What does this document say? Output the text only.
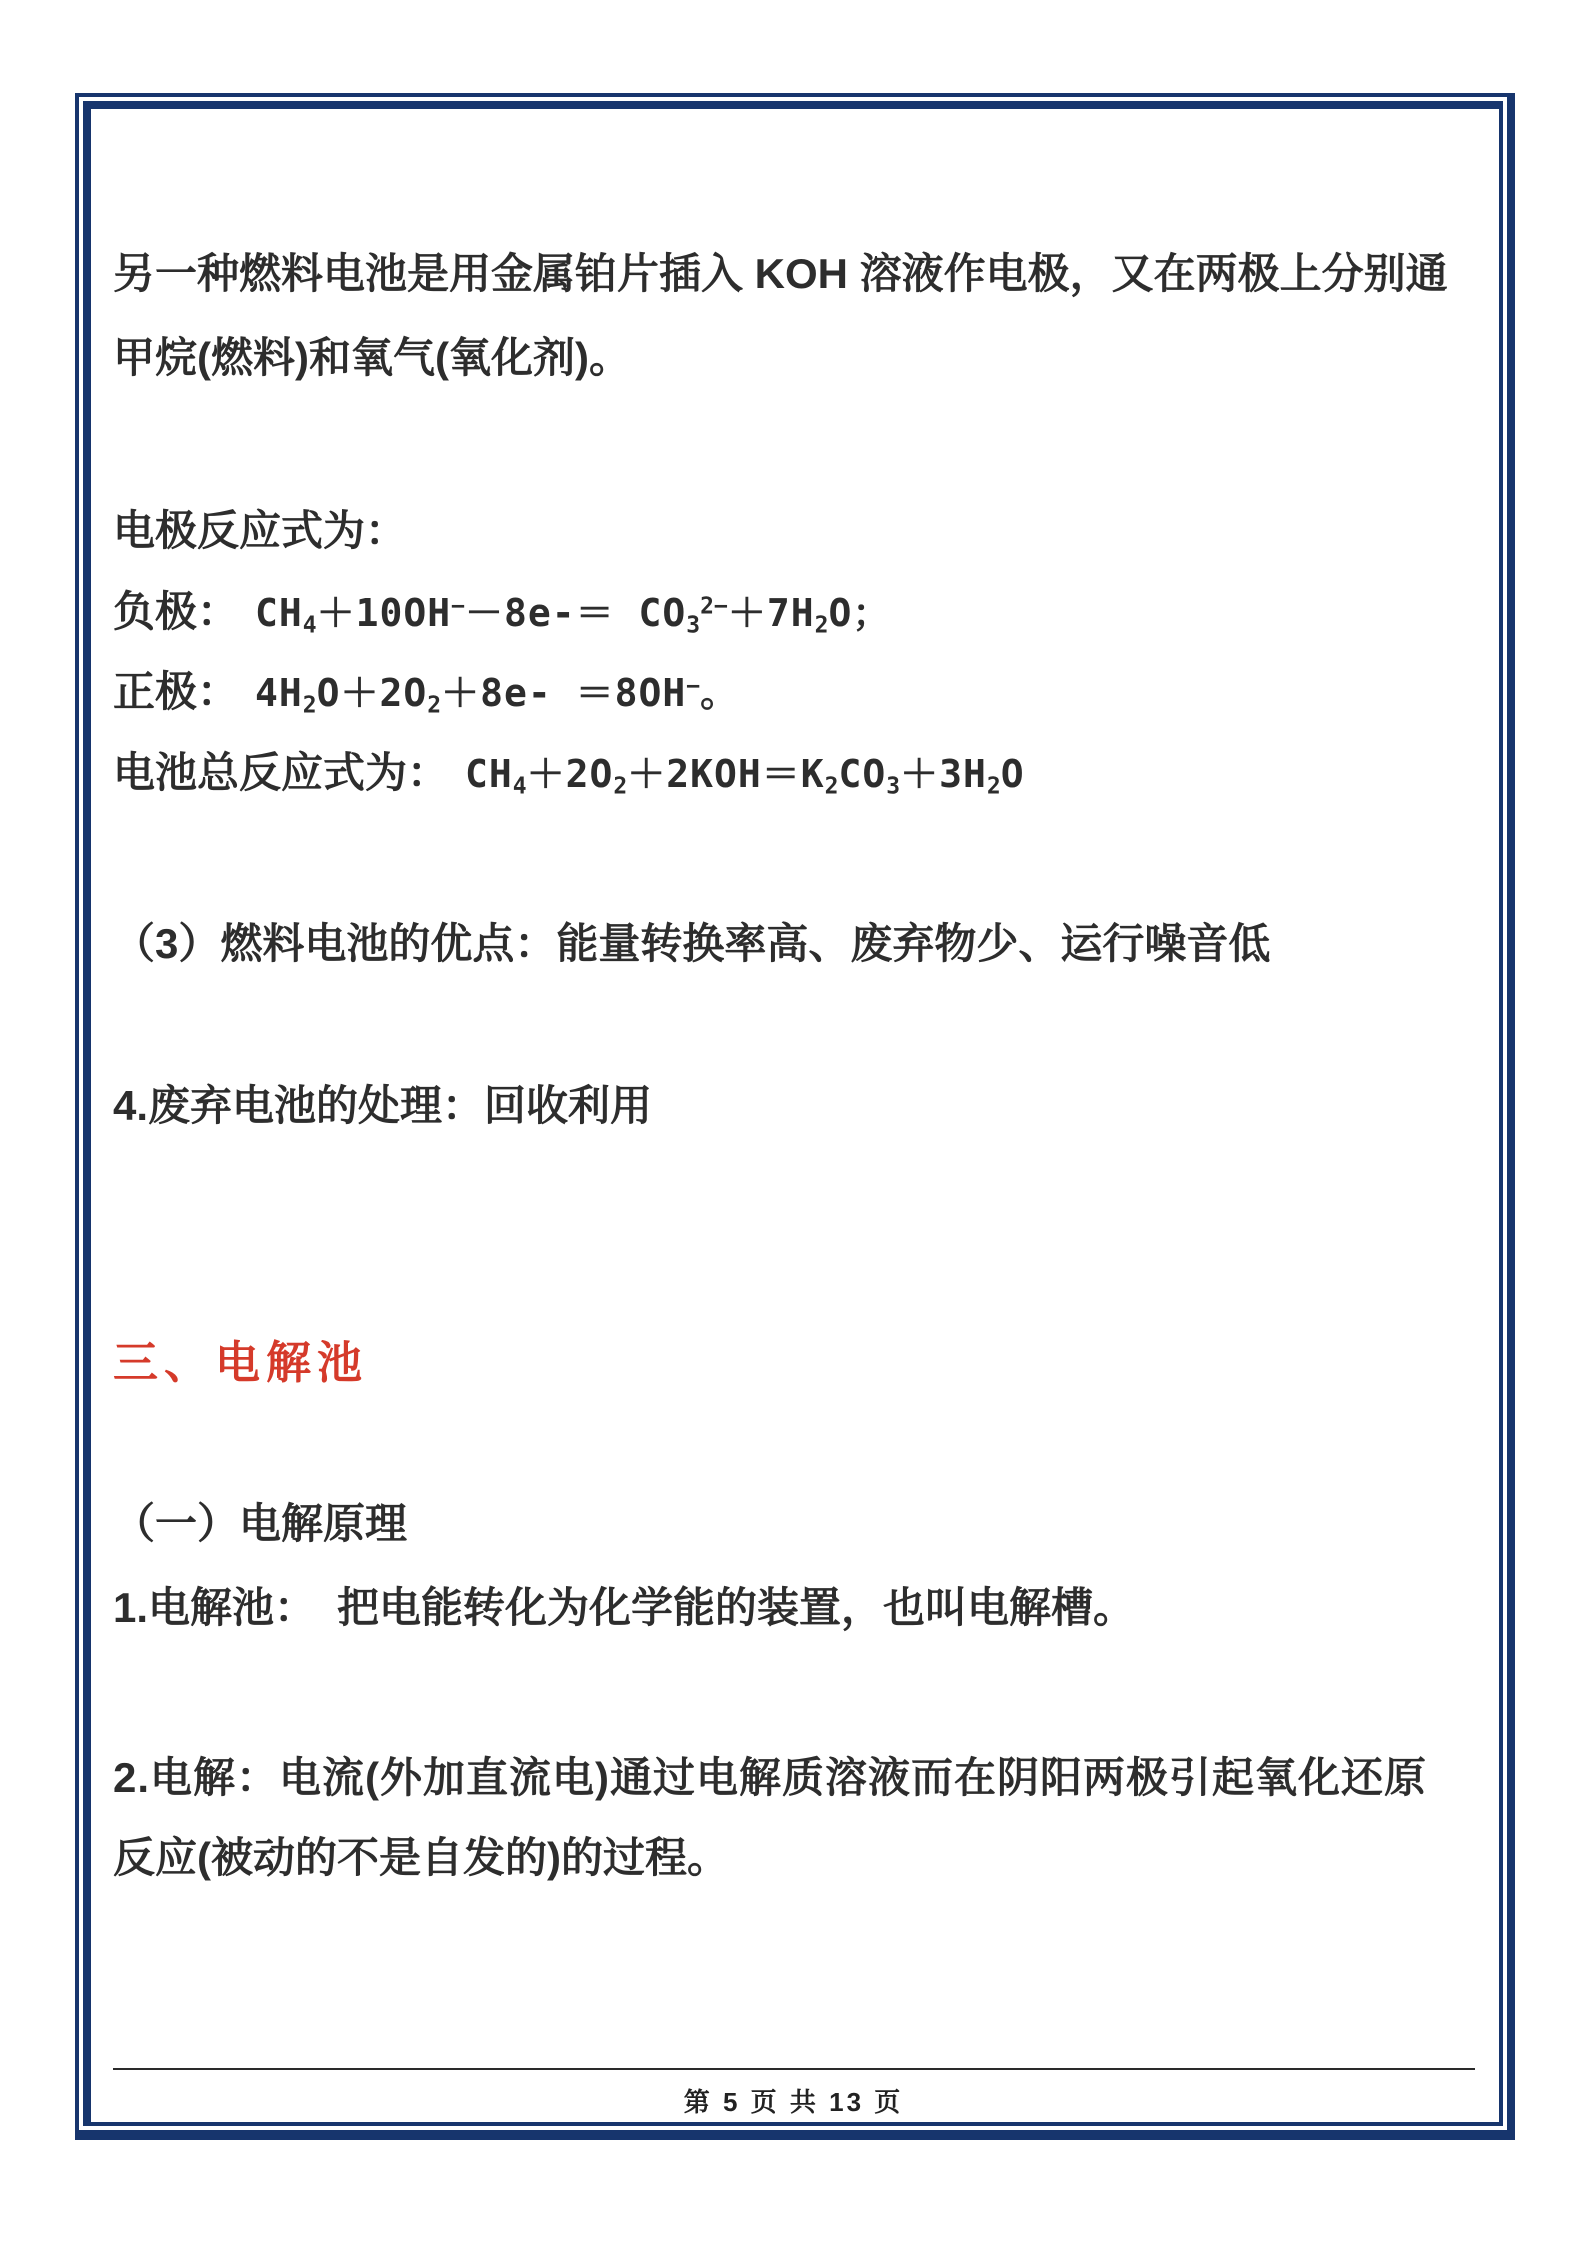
另一种燃料电池是用金属铂片插入 KOH 溶液作电极，又在两极上分别通
甲烷(燃料)和氧气(氧化剂)。
电极反应式为：
负极： $CH_4+10OH^--8e-= CO_3^{2-}+7H_2O$；
正极： $4H_2O+2O_2+8e- =8OH^-$。
电池总反应式为： $CH_4+2O_2+2KOH=K_2CO_3+3H_2O$
（3）燃料电池的优点：能量转换率高、废弃物少、运行噪音低
4.废弃电池的处理：回收利用
三、电解池
（一）电解原理
1.电解池：　把电能转化为化学能的装置，也叫电解槽。
2.电解：电流(外加直流电)通过电解质溶液而在阴阳两极引起氧化还原
反应(被动的不是自发的)的过程。
第 5 页 共 13 页
